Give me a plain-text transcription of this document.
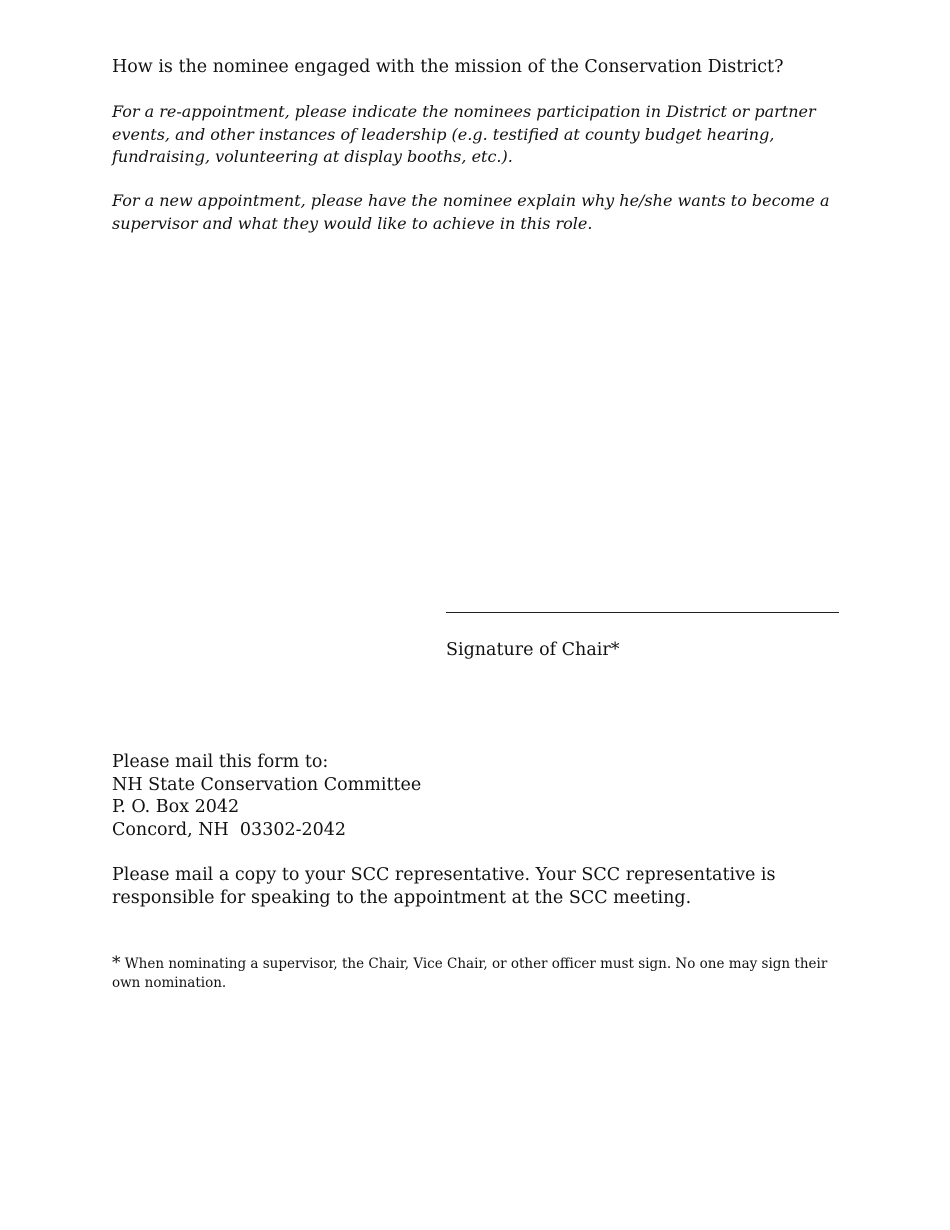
How is the nominee engaged with the mission of the Conservation District?
For a re-appointment, please indicate the nominees participation in District or partner events, and other instances of leadership (e.g. testified at county budget hearing, fundraising, volunteering at display booths, etc.).
For a new appointment, please have the nominee explain why he/she wants to become a supervisor and what they would like to achieve in this role.
Signature of Chair*
Please mail this form to:
NH State Conservation Committee
P. O. Box 2042
Concord, NH  03302-2042
Please mail a copy to your SCC representative. Your SCC representative is responsible for speaking to the appointment at the SCC meeting.
* When nominating a supervisor, the Chair, Vice Chair, or other officer must sign. No one may sign their own nomination.
